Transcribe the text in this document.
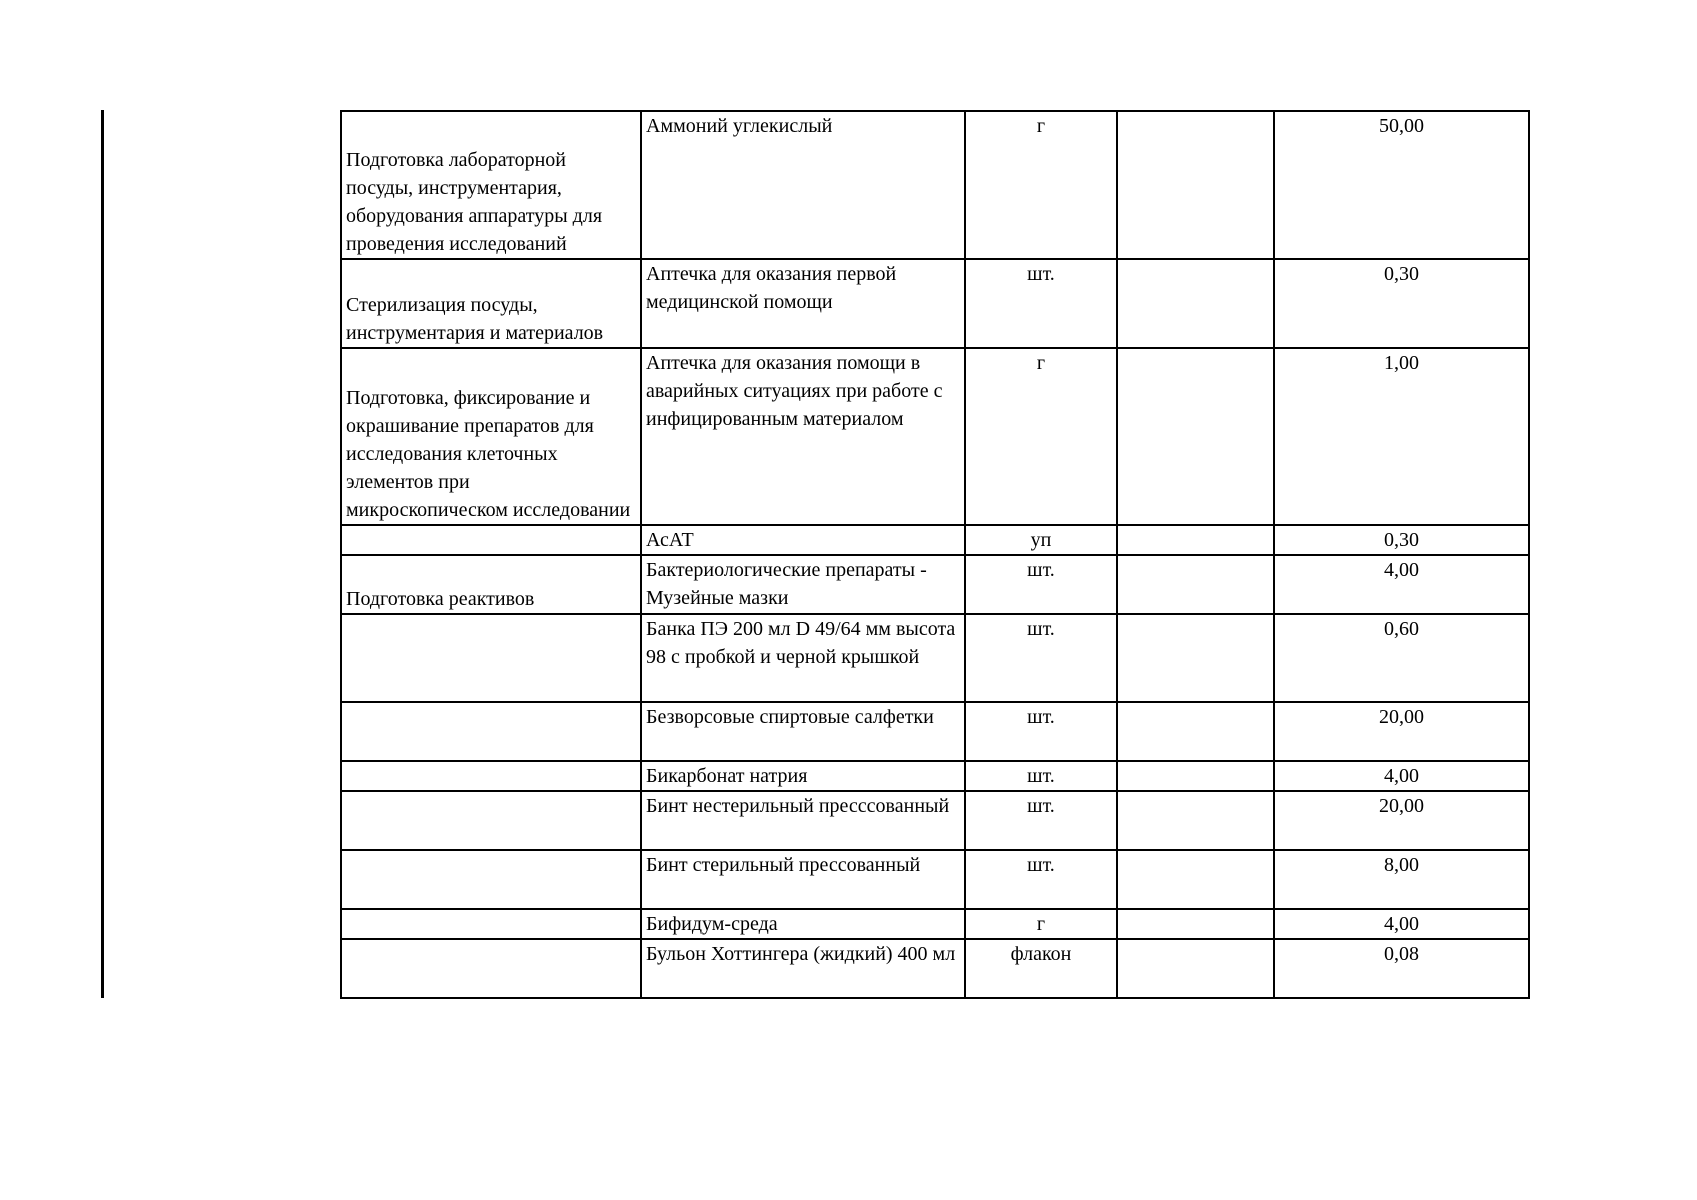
Подготовка лабораторной посуды, инструментария, оборудования аппаратуры для проведения исследований	Аммоний углекислый	г		50,00
Стерилизация посуды, инструментария и материалов	Аптечка для оказания первой медицинской помощи	шт.		0,30
Подготовка, фиксирование и окрашивание препаратов для исследования клеточных элементов при микроскопическом исследовании	Аптечка для оказания помощи в аварийных ситуациях при работе с инфицированным материалом	г		1,00
	АсАТ	уп		0,30
Подготовка реактивов	Бактериологические препараты - Музейные мазки	шт.		4,00
	Банка ПЭ 200 мл D 49/64 мм высота 98 с пробкой и черной крышкой	шт.		0,60
	Безворсовые спиртовые салфетки	шт.		20,00
	Бикарбонат натрия	шт.		4,00
	Бинт нестерильный пресссованный	шт.		20,00
	Бинт стерильный прессованный	шт.		8,00
	Бифидум-среда	г		4,00
	Бульон Хоттингера (жидкий) 400 мл	флакон		0,08
